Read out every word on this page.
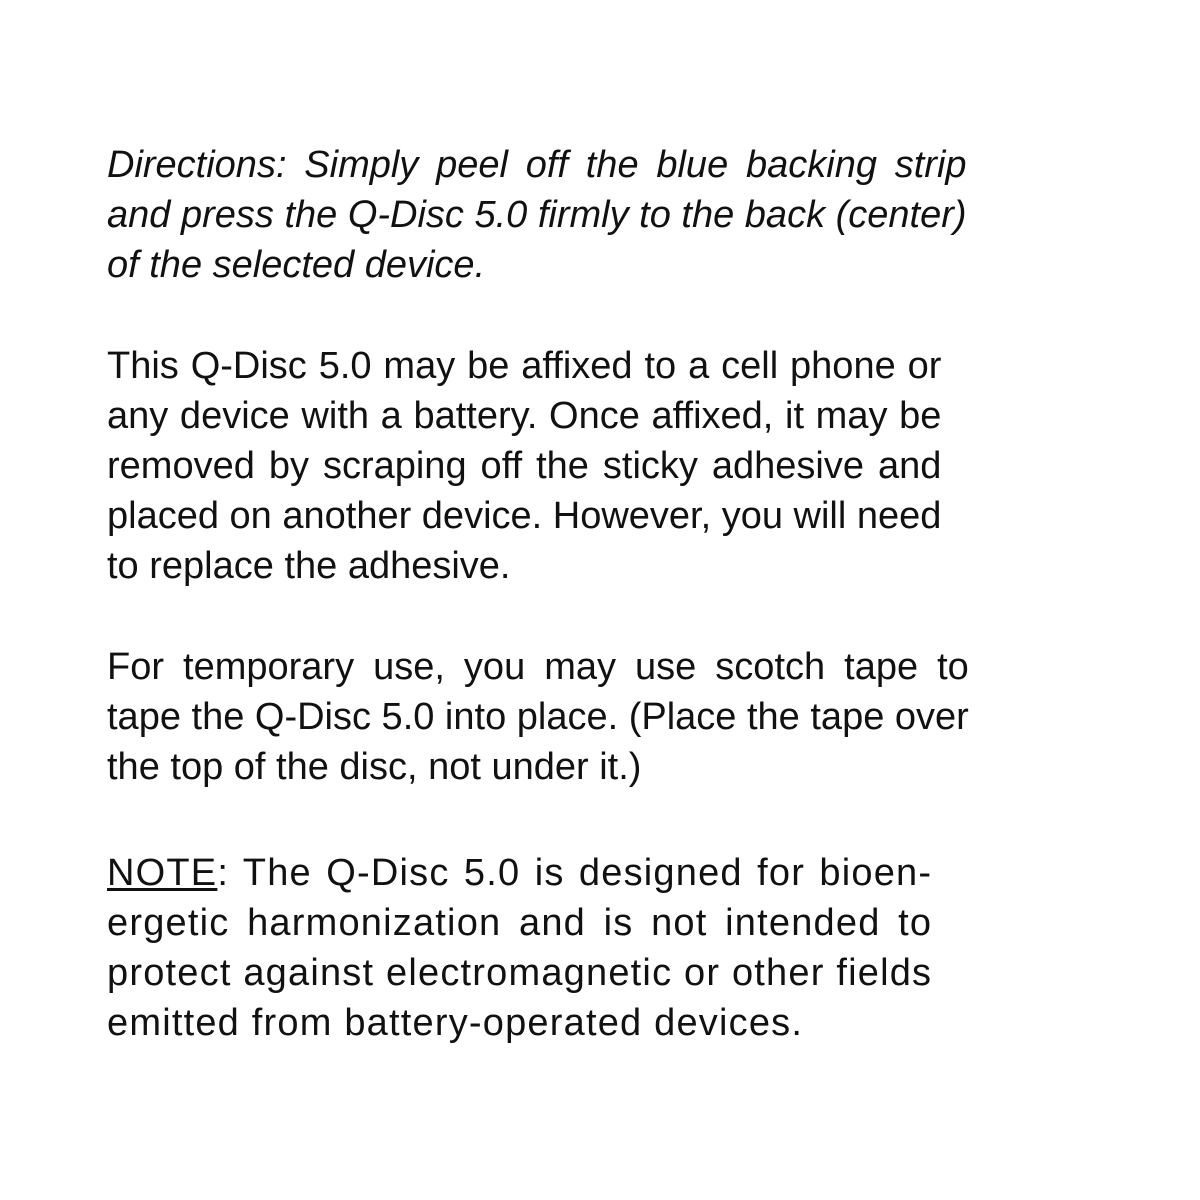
Directions: Simply peel off the blue backing strip
and press the Q-Disc 5.0 firmly to the back (center)
of the selected device.

This Q-Disc 5.0 may be affixed to a cell phone or
any device with a battery. Once affixed, it may be
removed by scraping off the sticky adhesive and
placed on another device. However, you will need
to replace the adhesive.

For temporary use, you may use scotch tape to
tape the Q-Disc 5.0 into place. (Place the tape over
the top of the disc, not under it.)

NOTE: The Q-Disc 5.0 is designed for bioen-
ergetic harmonization and is not intended to
protect against electromagnetic or other fields
emitted from battery-operated devices.
